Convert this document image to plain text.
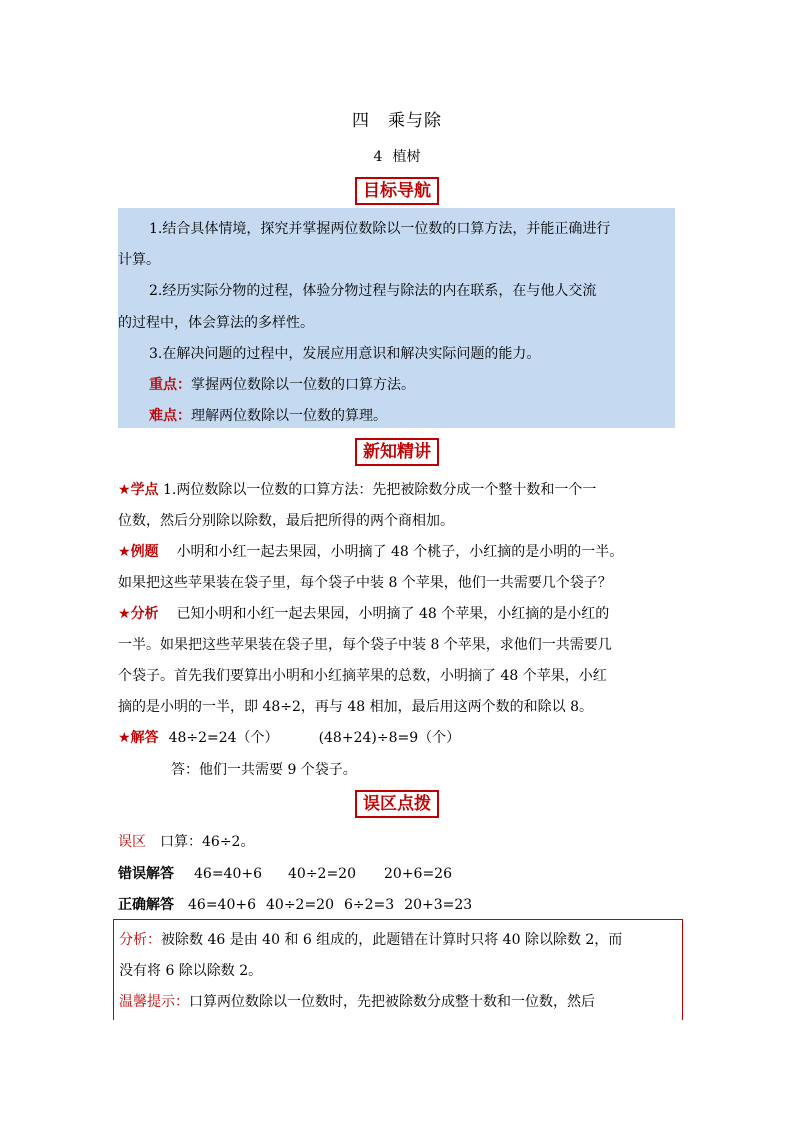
四 乘与除
4 植树
目标导航
1.结合具体情境，探究并掌握两位数除以一位数的口算方法，并能正确进行
计算。
2.经历实际分物的过程，体验分物过程与除法的内在联系，在与他人交流
的过程中，体会算法的多样性。
3.在解决问题的过程中，发展应用意识和解决实际问题的能力。
重点：掌握两位数除以一位数的口算方法。
难点：理解两位数除以一位数的算理。
新知精讲
★学点 1.两位数除以一位数的口算方法：先把被除数分成一个整十数和一个一
位数，然后分别除以除数，最后把所得的两个商相加。
★例题 小明和小红一起去果园，小明摘了 48 个桃子，小红摘的是小明的一半。
如果把这些苹果装在袋子里，每个袋子中装 8 个苹果，他们一共需要几个袋子？
★分析 已知小明和小红一起去果园，小明摘了 48 个苹果，小红摘的是小红的
一半。如果把这些苹果装在袋子里，每个袋子中装 8 个苹果，求他们一共需要几
个袋子。首先我们要算出小明和小红摘苹果的总数，小明摘了 48 个苹果，小红
摘的是小明的一半，即 48÷2，再与 48 相加，最后用这两个数的和除以 8。
★解答 48÷2=24（个）	(48+24)÷8=9（个）
答：他们一共需要 9 个袋子。
误区点拨
误区 口算：46÷2。
错误解答 46=40+6 40÷2=20 20+6=26
正确解答 46=40+6 40÷2=20 6÷2=3 20+3=23
分析：被除数 46 是由 40 和 6 组成的，此题错在计算时只将 40 除以除数 2，而
没有将 6 除以除数 2。
温馨提示：口算两位数除以一位数时，先把被除数分成整十数和一位数，然后
